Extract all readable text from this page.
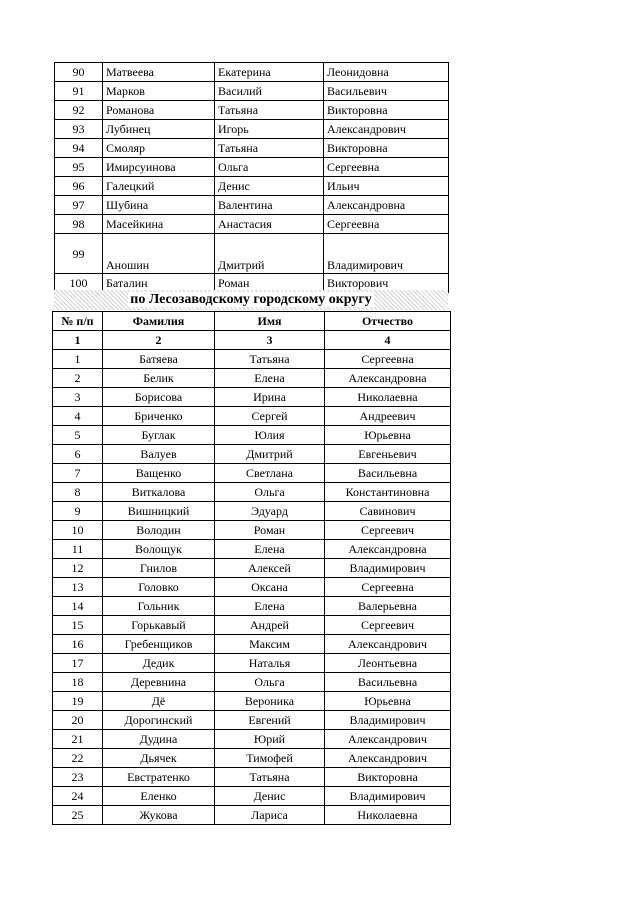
90	Матвеева	Екатерина	Леонидовна
91	Марков	Василий	Васильевич
92	Романова	Татьяна	Викторовна
93	Лубинец	Игорь	Александрович
94	Смоляр	Татьяна	Викторовна
95	Имирсуинова	Ольга	Сергеевна
96	Галецкий	Денис	Ильич
97	Шубина	Валентина	Александровна
98	Масейкина	Анастасия	Сергеевна
99	Аношин	Дмитрий	Владимирович
100	Баталин	Роман	Викторович
по Лесозаводскому городскому округу
№ п/п	Фамилия	Имя	Отчество
1	2	3	4
1	Батяева	Татьяна	Сергеевна
2	Белик	Елена	Александровна
3	Борисова	Ирина	Николаевна
4	Бриченко	Сергей	Андреевич
5	Буглак	Юлия	Юрьевна
6	Валуев	Дмитрий	Евгеньевич
7	Ващенко	Светлана	Васильевна
8	Виткалова	Ольга	Константиновна
9	Вишницкий	Эдуард	Савинович
10	Володин	Роман	Сергеевич
11	Волощук	Елена	Александровна
12	Гнилов	Алексей	Владимирович
13	Головко	Оксана	Сергеевна
14	Гольник	Елена	Валерьевна
15	Горькавый	Андрей	Сергеевич
16	Гребенщиков	Максим	Александрович
17	Дедик	Наталья	Леонтьевна
18	Деревнина	Ольга	Васильевна
19	Дё	Вероника	Юрьевна
20	Дорогинский	Евгений	Владимирович
21	Дудина	Юрий	Александрович
22	Дьячек	Тимофей	Александрович
23	Евстратенко	Татьяна	Викторовна
24	Еленко	Денис	Владимирович
25	Жукова	Лариса	Николаевна
